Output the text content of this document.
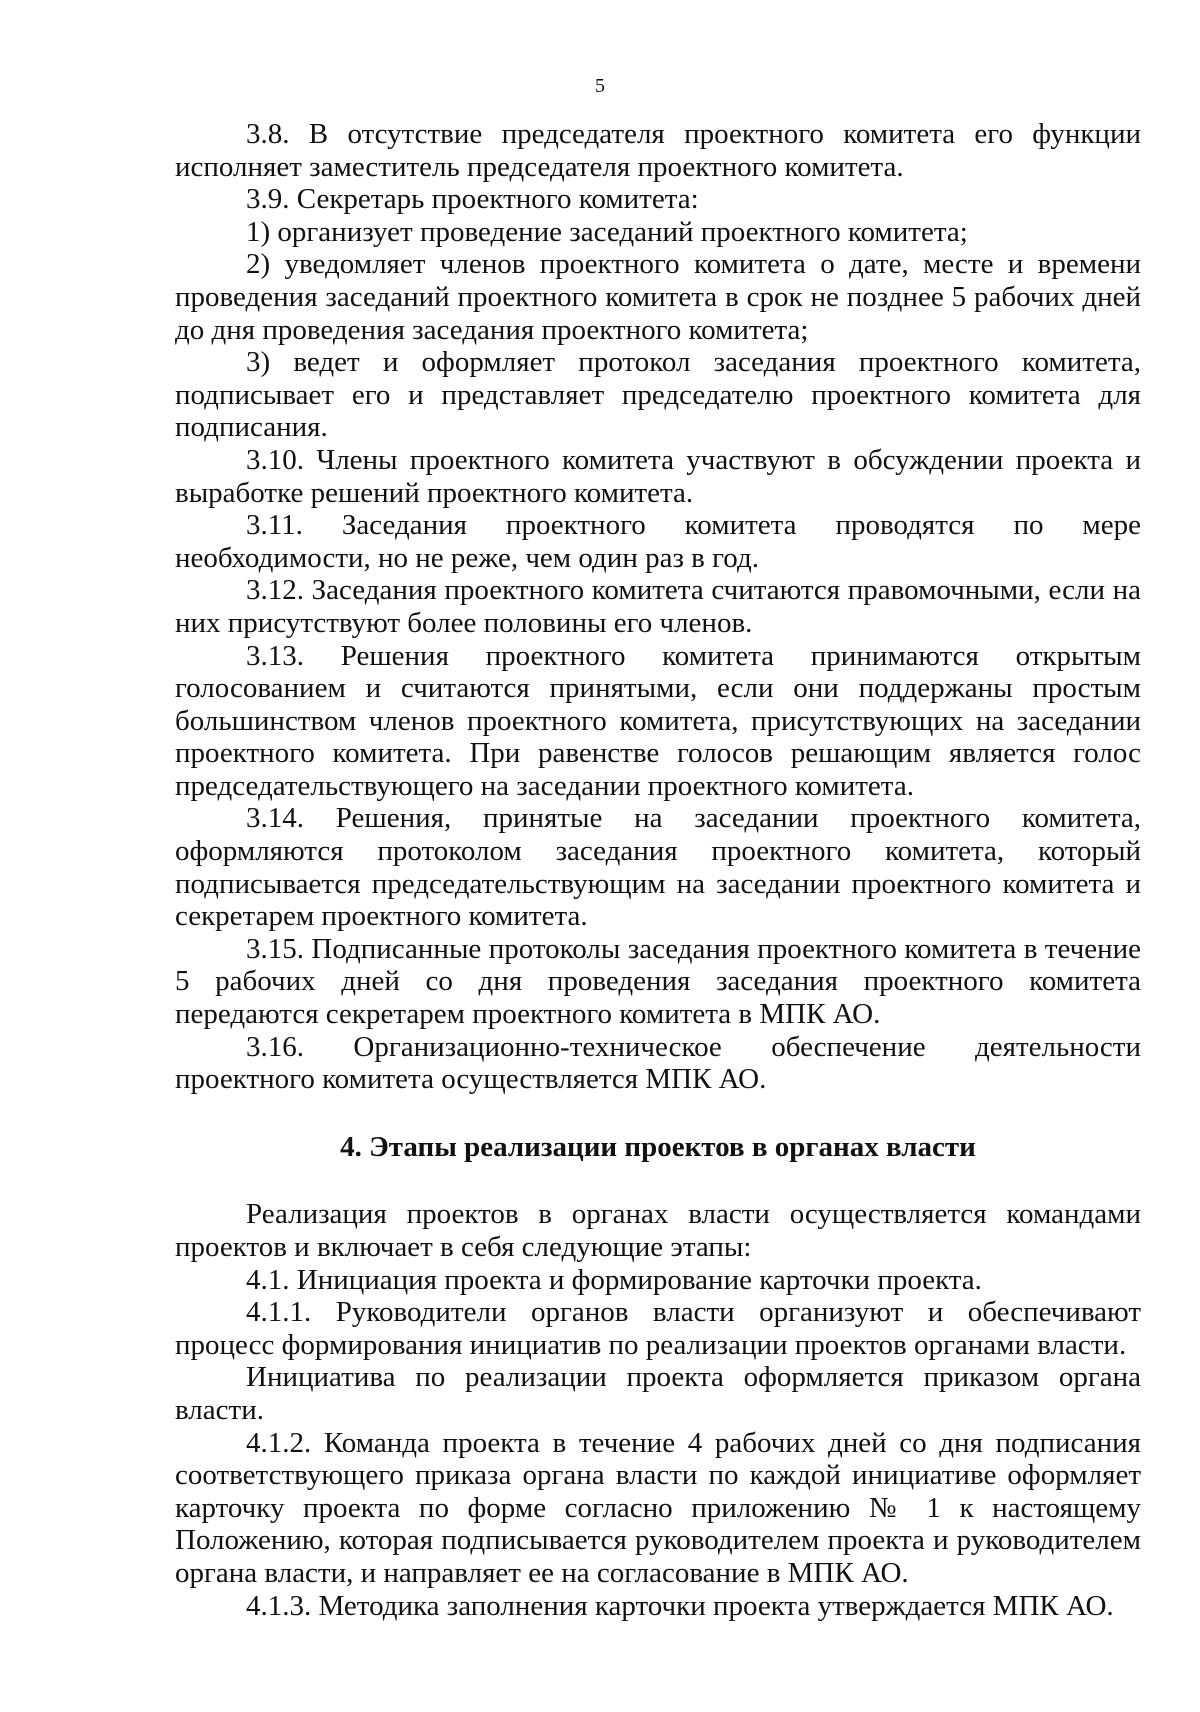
5

3.8. В отсутствие председателя проектного комитета его функции исполняет заместитель председателя проектного комитета.

3.9. Секретарь проектного комитета:

1) организует проведение заседаний проектного комитета;

2) уведомляет членов проектного комитета о дате, месте и времени проведения заседаний проектного комитета в срок не позднее 5 рабочих дней до дня проведения заседания проектного комитета;

3) ведет и оформляет протокол заседания проектного комитета, подписывает его и представляет председателю проектного комитета для подписания.

3.10. Члены проектного комитета участвуют в обсуждении проекта и выработке решений проектного комитета.

3.11. Заседания проектного комитета проводятся по мере необходимости, но не реже, чем один раз в год.

3.12. Заседания проектного комитета считаются правомочными, если на них присутствуют более половины его членов.

3.13. Решения проектного комитета принимаются открытым голосованием и считаются принятыми, если они поддержаны простым большинством членов проектного комитета, присутствующих на заседании проектного комитета. При равенстве голосов решающим является голос председательствующего на заседании проектного комитета.

3.14. Решения, принятые на заседании проектного комитета, оформляются протоколом заседания проектного комитета, который подписывается председательствующим на заседании проектного комитета и секретарем проектного комитета.

3.15. Подписанные протоколы заседания проектного комитета в течение 5 рабочих дней со дня проведения заседания проектного комитета передаются секретарем проектного комитета в МПК АО.

3.16. Организационно-техническое обеспечение деятельности проектного комитета осуществляется МПК АО.

4. Этапы реализации проектов в органах власти

Реализация проектов в органах власти осуществляется командами проектов и включает в себя следующие этапы:

4.1. Инициация проекта и формирование карточки проекта.

4.1.1. Руководители органов власти организуют и обеспечивают процесс формирования инициатив по реализации проектов органами власти.

Инициатива по реализации проекта оформляется приказом органа власти.

4.1.2. Команда проекта в течение 4 рабочих дней со дня подписания соответствующего приказа органа власти по каждой инициативе оформляет карточку проекта по форме согласно приложению № 1 к настоящему Положению, которая подписывается руководителем проекта и руководителем органа власти, и направляет ее на согласование в МПК АО.

4.1.3. Методика заполнения карточки проекта утверждается МПК АО.
